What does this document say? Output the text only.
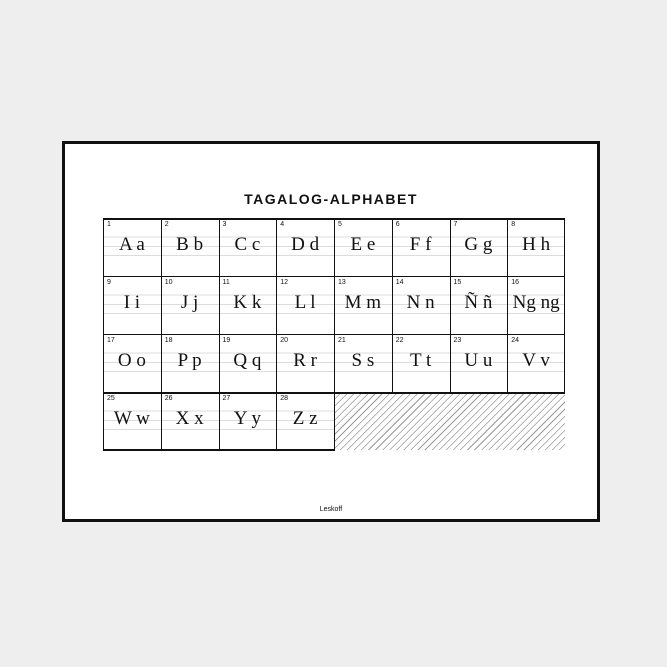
TAGALOG-ALPHABET
1
A a
2
B b
3
C c
4
D d
5
E e
6
F f
7
G g
8
H h
9
I i
10
J j
11
K k
12
L l
13
M m
14
N n
15
Ñ ñ
16
Ng ng
17
O o
18
P p
19
Q q
20
R r
21
S s
22
T t
23
U u
24
V v
25
W w
26
X x
27
Y y
28
Z z
Leskoff
